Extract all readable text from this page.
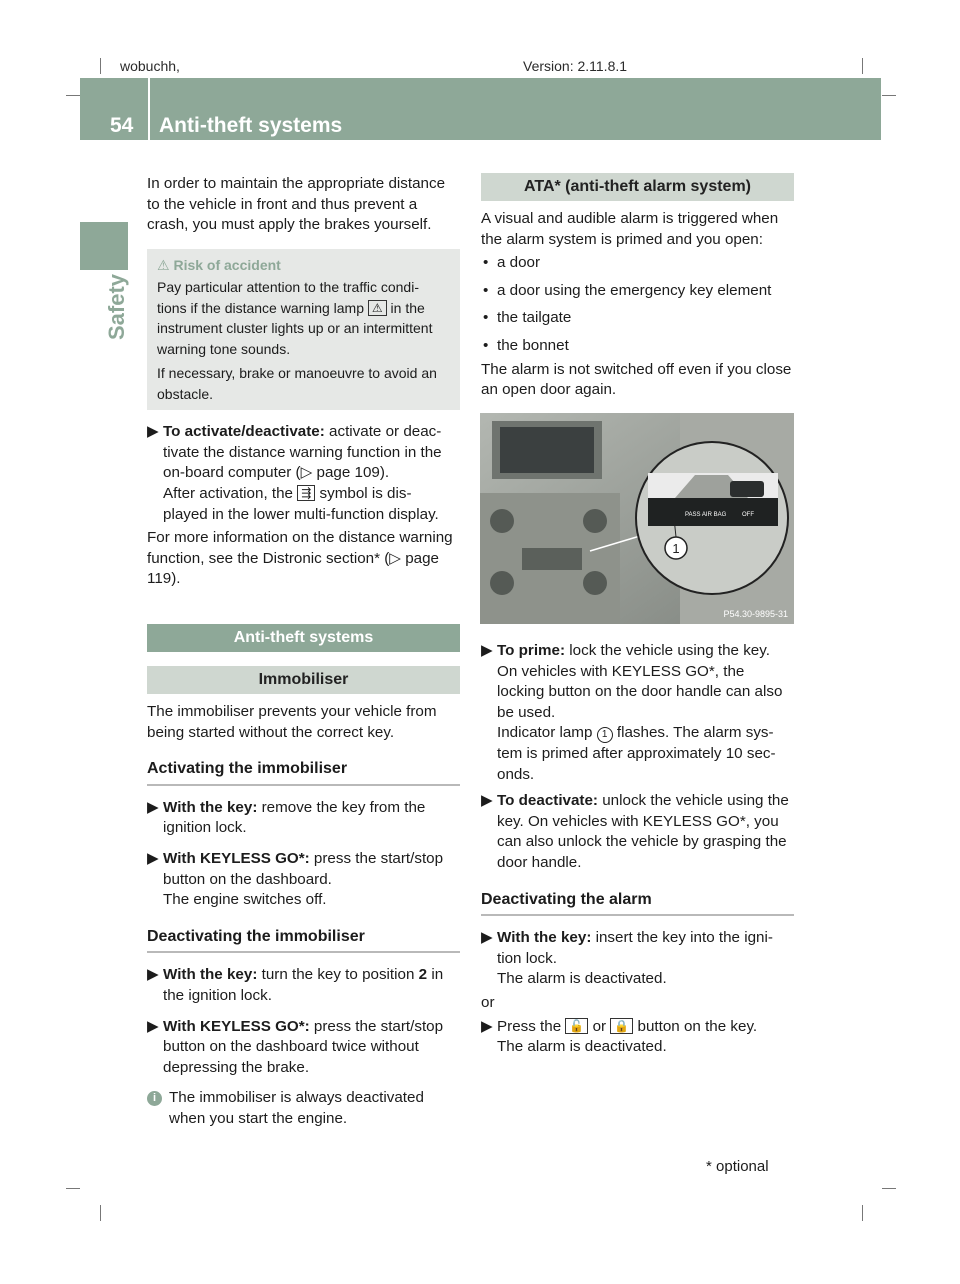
wobuchh,	Version: 2.11.8.1
54 Anti-theft systems
Safety

In order to maintain the appropriate distance to the vehicle in front and thus prevent a crash, you must apply the brakes yourself.

⚠ Risk of accident
Pay particular attention to the traffic condi- tions if the distance warning lamp ⚠ in the instrument cluster lights up or an intermittent warning tone sounds.
If necessary, brake or manoeuvre to avoid an obstacle.
▶ To activate/deactivate: activate or deac- tivate the distance warning function in the on-board computer (▷ page 109).
After activation, the ⇶ symbol is dis- played in the lower multi-function display.

For more information on the distance warning function, see the Distronic section* (▷ page 119).

Anti-theft systems
Immobiliser

The immobiliser prevents your vehicle from being started without the correct key.

Activating the immobiliser
▶ With the key: remove the key from the ignition lock.
▶ With KEYLESS GO*: press the start/stop button on the dashboard.
The engine switches off.
Deactivating the immobiliser
▶ With the key: turn the key to position 2 in the ignition lock.
▶ With KEYLESS GO*: press the start/stop button on the dashboard twice without depressing the brake.
i The immobiliser is always deactivated when you start the engine.
ATA* (anti-theft alarm system)

A visual and audible alarm is triggered when the alarm system is primed and you open:

• a door
• a door using the emergency key element
• the tailgate
• the bonnet

The alarm is not switched off even if you close an open door again.

1
PASS AIR BAG	OFF
P54.30-9895-31
▶ To prime: lock the vehicle using the key.
On vehicles with KEYLESS GO*, the locking button on the door handle can also be used.
Indicator lamp 1 flashes. The alarm sys- tem is primed after approximately 10 sec- onds.
▶ To deactivate: unlock the vehicle using the key. On vehicles with KEYLESS GO*, you can also unlock the vehicle by grasping the door handle.
Deactivating the alarm
▶ With the key: insert the key into the igni- tion lock.
The alarm is deactivated.

or

▶ Press the 🔓 or 🔒 button on the key.
The alarm is deactivated.
* optional
